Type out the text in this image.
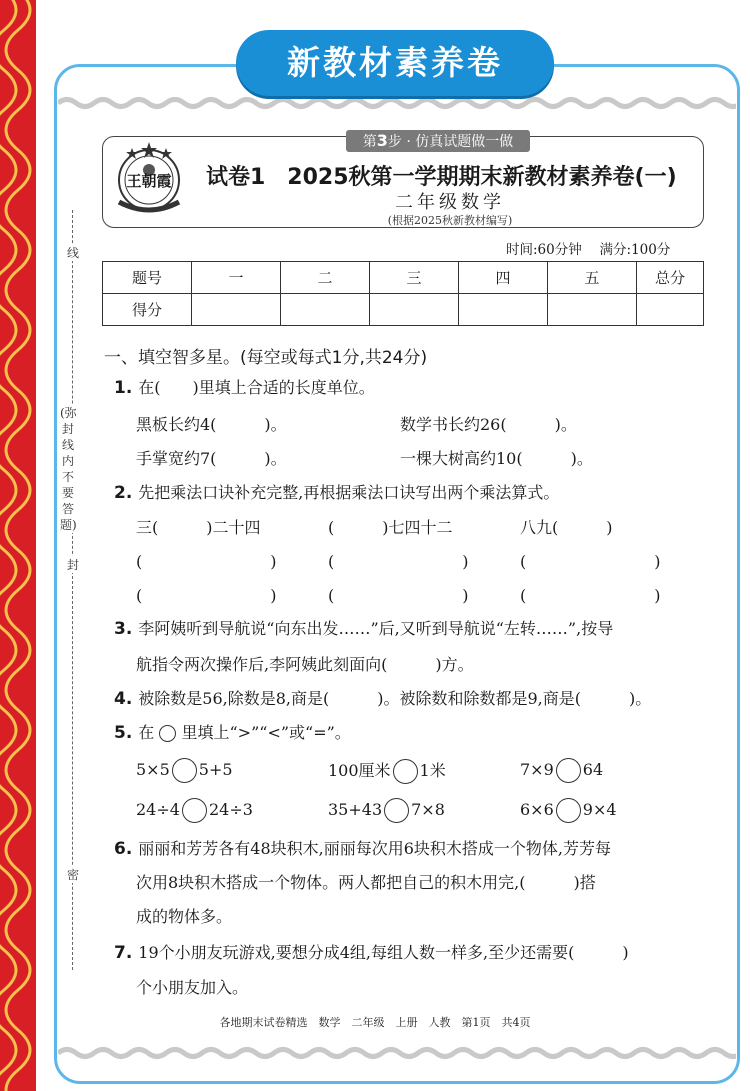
新教材素养卷
线
封
密
(弥封线内不要答题)
第3步 · 仿真试题做一做
王朝霞	试卷1　2025秋第一学期期末新教材素养卷(一)
二年级数学
(根据2025秋新教材编写)
时间:60分钟　 满分:100分
题号	一	二	三	四	五	总分
得分						
一、填空智多星。(每空或每式1分,共24分)
1. 在(　　)里填上合适的长度单位。
黑板长约4(　　　)。	数学书长约26(　　　)。
手掌宽约7(　　　)。	一棵大树高约10(　　　)。
2. 先把乘法口诀补充完整,再根据乘法口诀写出两个乘法算式。
三(　　　)二十四	(　　　)七四十二	八九(　　　)
(　　　　　　　　)	(　　　　　　　　)	(　　　　　　　　)
(　　　　　　　　)	(　　　　　　　　)	(　　　　　　　　)
3. 李阿姨听到导航说“向东出发……”后,又听到导航说“左转……”,按导
航指令两次操作后,李阿姨此刻面向(　　　)方。
4. 被除数是56,除数是8,商是(　　　)。被除数和除数都是9,商是(　　　)。
5. 在 里填上“>”“<”或“=”。
5×5 5+5	100厘米 1米	7×9 64
24÷4 24÷3	35+43 7×8	6×6 9×4
6. 丽丽和芳芳各有48块积木,丽丽每次用6块积木搭成一个物体,芳芳每
次用8块积木搭成一个物体。两人都把自己的积木用完,(　　　)搭
成的物体多。
7. 19个小朋友玩游戏,要想分成4组,每组人数一样多,至少还需要(　　　)
个小朋友加入。
各地期末试卷精选　数学　二年级　上册　人教　第1页　共4页
